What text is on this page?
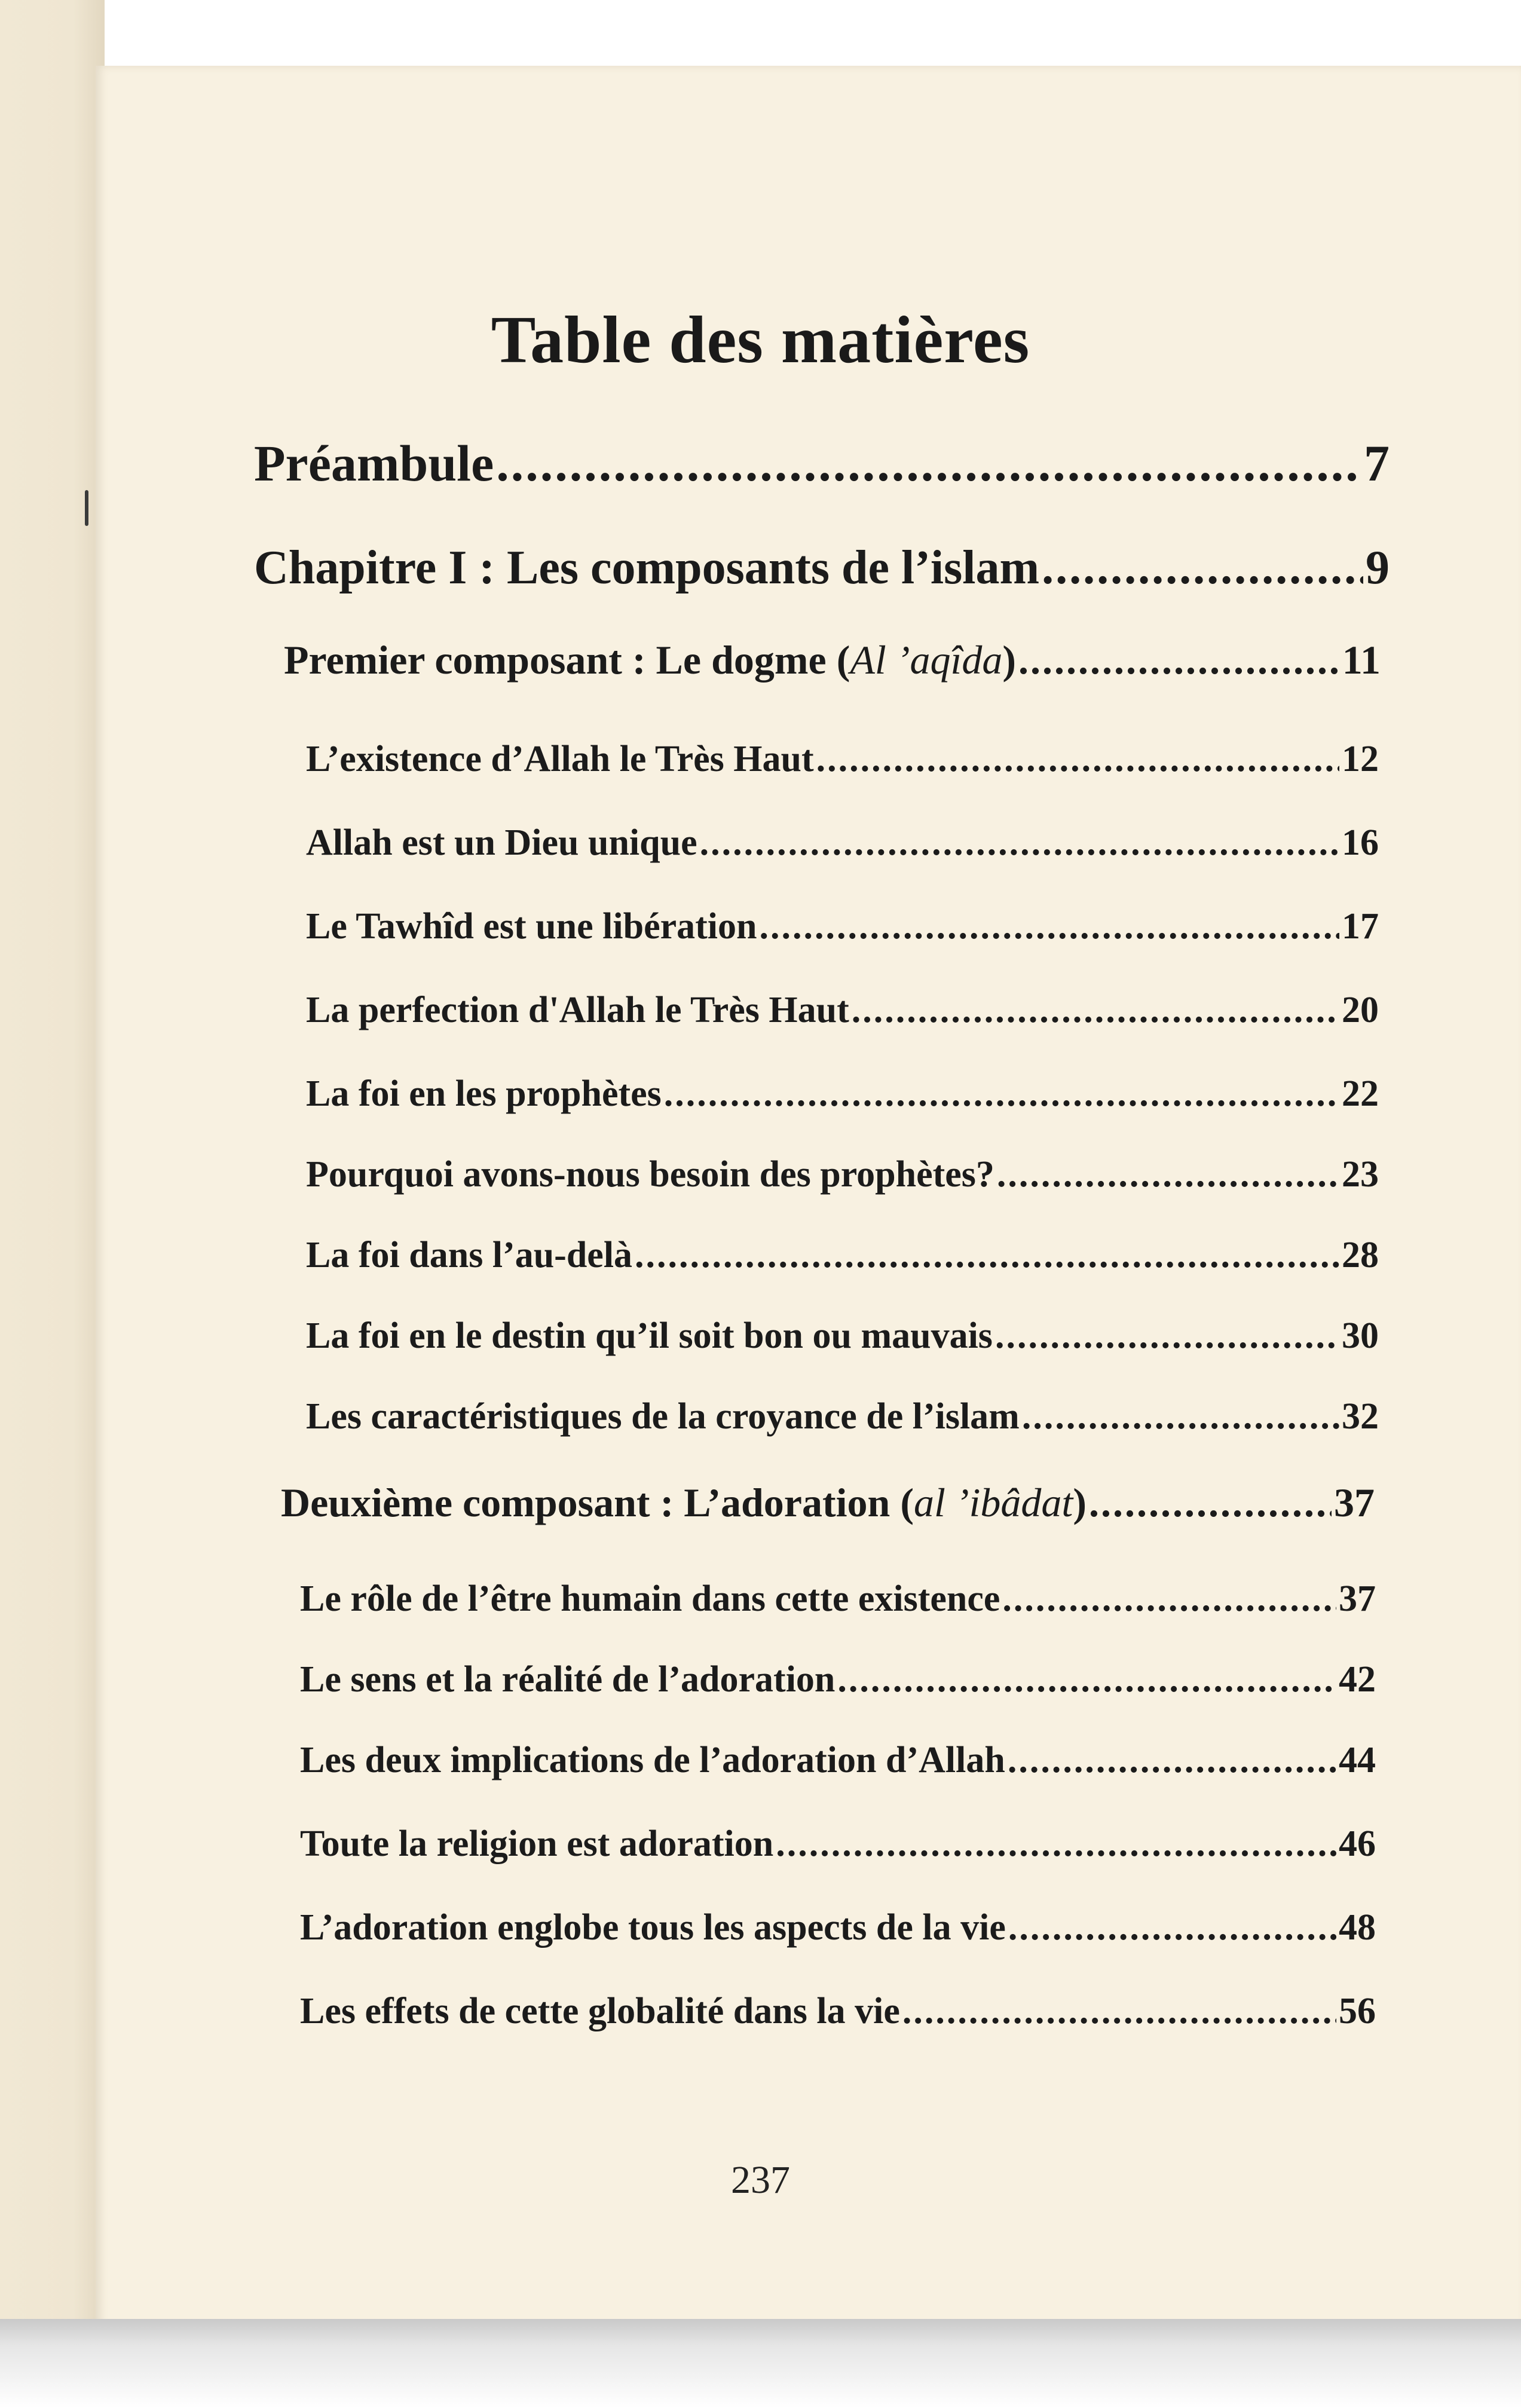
Table des matières
Préambule .....	7
Chapitre I : Les composants de l’islam .....	9
Premier composant : Le dogme (Al ’aqîda) .....	11
L’existence d’Allah le Très Haut .....	12
Allah est un Dieu unique .....	16
Le Tawhîd est une libération .....	17
La perfection d'Allah le Très Haut .....	20
La foi en les prophètes .....	22
Pourquoi avons-nous besoin des prophètes? .....	23
La foi dans l’au-delà .....	28
La foi en le destin qu’il soit bon ou mauvais .....	30
Les caractéristiques de la croyance de l’islam .....	32
Deuxième composant : L’adoration (al ’ibâdat) .....	37
Le rôle de l’être humain dans cette existence .....	37
Le sens et la réalité de l’adoration .....	42
Les deux implications de l’adoration d’Allah .....	44
Toute la religion est adoration .....	46
L’adoration englobe tous les aspects de la vie .....	48
Les effets de cette globalité dans la vie .....	56
237
